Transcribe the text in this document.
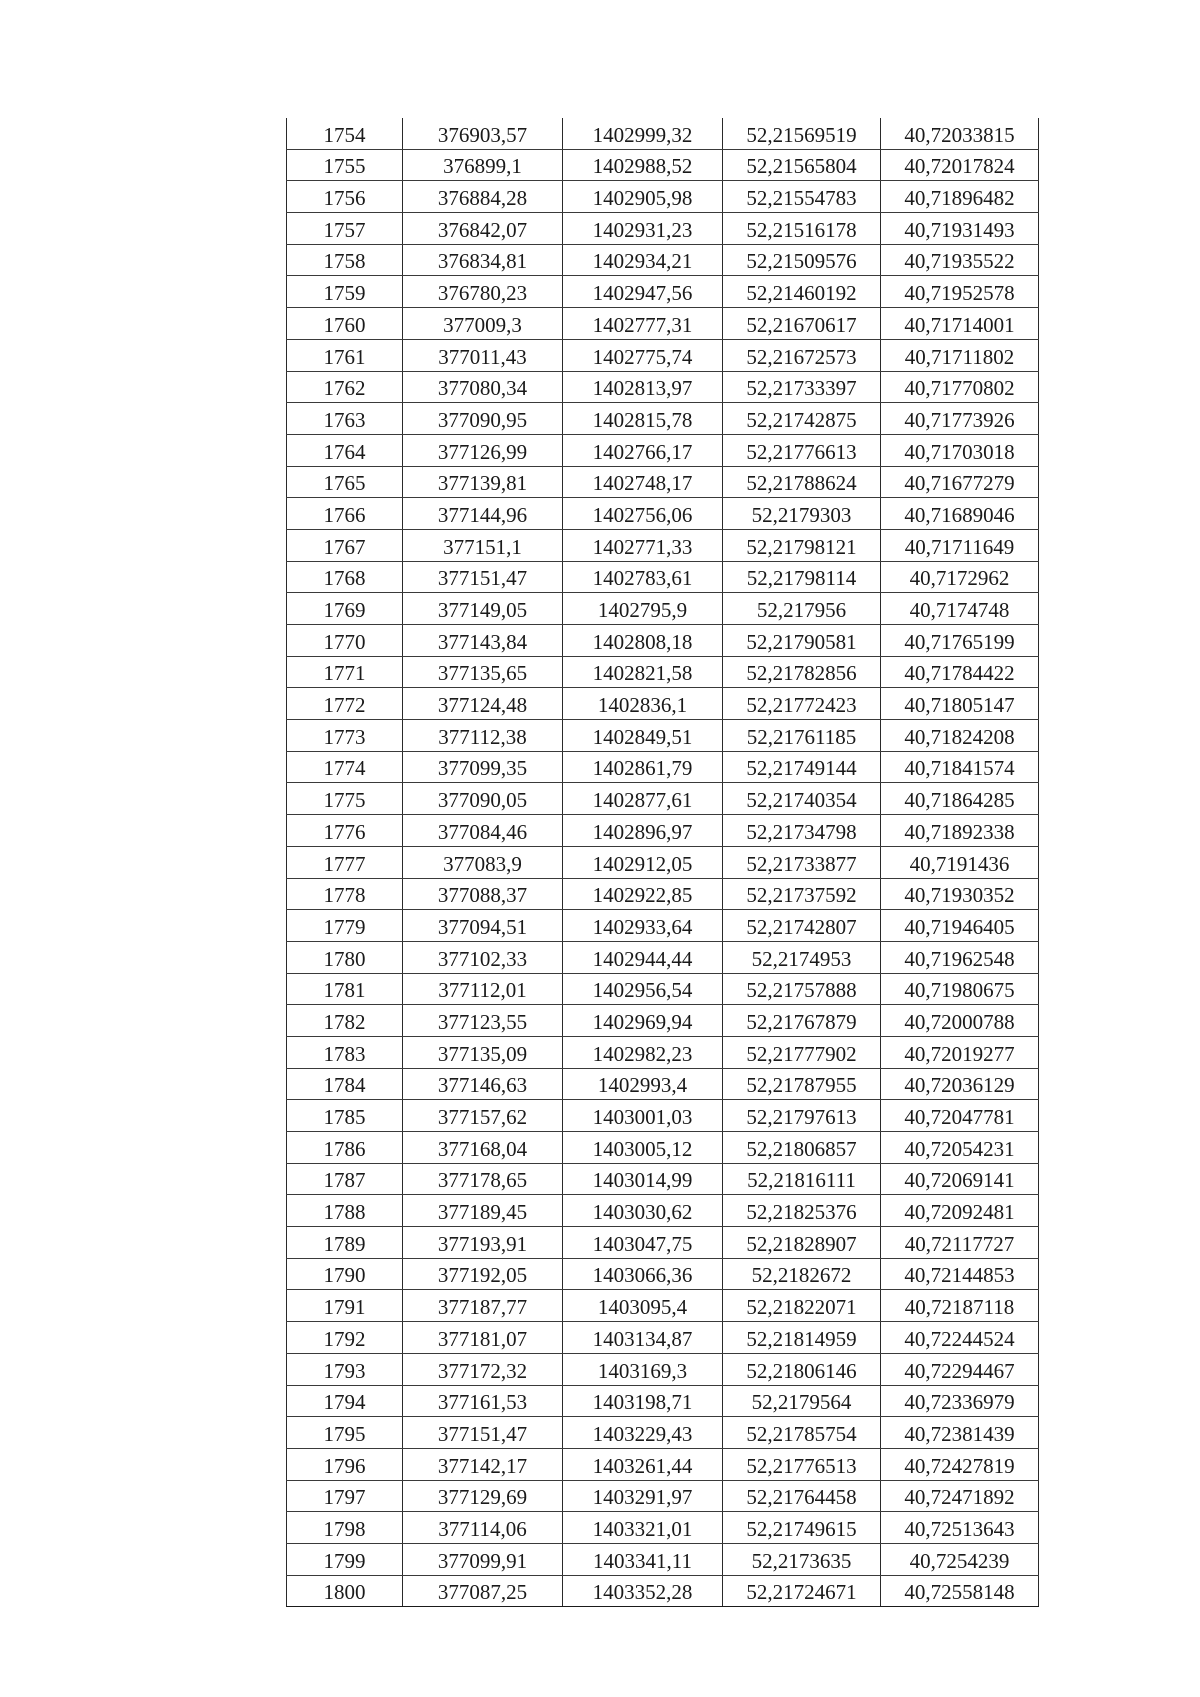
1754	376903,57	1402999,32	52,21569519	40,72033815
1755	376899,1	1402988,52	52,21565804	40,72017824
1756	376884,28	1402905,98	52,21554783	40,71896482
1757	376842,07	1402931,23	52,21516178	40,71931493
1758	376834,81	1402934,21	52,21509576	40,71935522
1759	376780,23	1402947,56	52,21460192	40,71952578
1760	377009,3	1402777,31	52,21670617	40,71714001
1761	377011,43	1402775,74	52,21672573	40,71711802
1762	377080,34	1402813,97	52,21733397	40,71770802
1763	377090,95	1402815,78	52,21742875	40,71773926
1764	377126,99	1402766,17	52,21776613	40,71703018
1765	377139,81	1402748,17	52,21788624	40,71677279
1766	377144,96	1402756,06	52,2179303	40,71689046
1767	377151,1	1402771,33	52,21798121	40,71711649
1768	377151,47	1402783,61	52,21798114	40,7172962
1769	377149,05	1402795,9	52,217956	40,7174748
1770	377143,84	1402808,18	52,21790581	40,71765199
1771	377135,65	1402821,58	52,21782856	40,71784422
1772	377124,48	1402836,1	52,21772423	40,71805147
1773	377112,38	1402849,51	52,21761185	40,71824208
1774	377099,35	1402861,79	52,21749144	40,71841574
1775	377090,05	1402877,61	52,21740354	40,71864285
1776	377084,46	1402896,97	52,21734798	40,71892338
1777	377083,9	1402912,05	52,21733877	40,7191436
1778	377088,37	1402922,85	52,21737592	40,71930352
1779	377094,51	1402933,64	52,21742807	40,71946405
1780	377102,33	1402944,44	52,2174953	40,71962548
1781	377112,01	1402956,54	52,21757888	40,71980675
1782	377123,55	1402969,94	52,21767879	40,72000788
1783	377135,09	1402982,23	52,21777902	40,72019277
1784	377146,63	1402993,4	52,21787955	40,72036129
1785	377157,62	1403001,03	52,21797613	40,72047781
1786	377168,04	1403005,12	52,21806857	40,72054231
1787	377178,65	1403014,99	52,21816111	40,72069141
1788	377189,45	1403030,62	52,21825376	40,72092481
1789	377193,91	1403047,75	52,21828907	40,72117727
1790	377192,05	1403066,36	52,2182672	40,72144853
1791	377187,77	1403095,4	52,21822071	40,72187118
1792	377181,07	1403134,87	52,21814959	40,72244524
1793	377172,32	1403169,3	52,21806146	40,72294467
1794	377161,53	1403198,71	52,2179564	40,72336979
1795	377151,47	1403229,43	52,21785754	40,72381439
1796	377142,17	1403261,44	52,21776513	40,72427819
1797	377129,69	1403291,97	52,21764458	40,72471892
1798	377114,06	1403321,01	52,21749615	40,72513643
1799	377099,91	1403341,11	52,2173635	40,7254239
1800	377087,25	1403352,28	52,21724671	40,72558148
